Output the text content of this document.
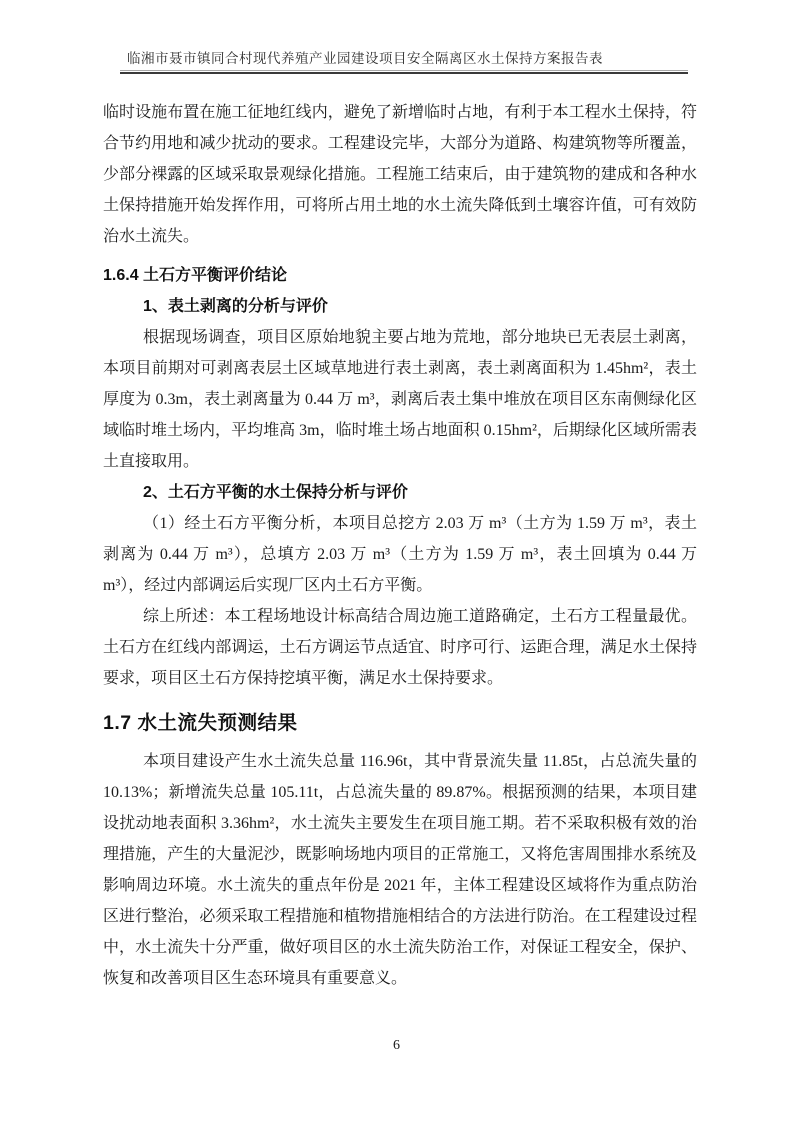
临湘市聂市镇同合村现代养殖产业园建设项目安全隔离区水土保持方案报告表

临时设施布置在施工征地红线内，避免了新增临时占地，有利于本工程水土保持，符合节约用地和减少扰动的要求。工程建设完毕，大部分为道路、构建筑物等所覆盖，少部分裸露的区域采取景观绿化措施。工程施工结束后，由于建筑物的建成和各种水土保持措施开始发挥作用，可将所占用土地的水土流失降低到土壤容许值，可有效防治水土流失。

1.6.4 土石方平衡评价结论
1、表土剥离的分析与评价

根据现场调查，项目区原始地貌主要占地为荒地，部分地块已无表层土剥离，本项目前期对可剥离表层土区域草地进行表土剥离，表土剥离面积为 1.45hm²，表土厚度为 0.3m，表土剥离量为 0.44 万 m³，剥离后表土集中堆放在项目区东南侧绿化区域临时堆土场内，平均堆高 3m，临时堆土场占地面积 0.15hm²，后期绿化区域所需表土直接取用。

2、土石方平衡的水土保持分析与评价

（1）经土石方平衡分析，本项目总挖方 2.03 万 m³（土方为 1.59 万 m³，表土剥离为 0.44 万 m³），总填方 2.03 万 m³（土方为 1.59 万 m³，表土回填为 0.44 万 m³），经过内部调运后实现厂区内土石方平衡。

综上所述：本工程场地设计标高结合周边施工道路确定，土石方工程量最优。土石方在红线内部调运，土石方调运节点适宜、时序可行、运距合理，满足水土保持要求，项目区土石方保持挖填平衡，满足水土保持要求。

1.7 水土流失预测结果

本项目建设产生水土流失总量 116.96t，其中背景流失量 11.85t，占总流失量的 10.13%；新增流失总量 105.11t，占总流失量的 89.87%。根据预测的结果，本项目建设扰动地表面积 3.36hm²，水土流失主要发生在项目施工期。若不采取积极有效的治理措施，产生的大量泥沙，既影响场地内项目的正常施工，又将危害周围排水系统及影响周边环境。水土流失的重点年份是 2021 年，主体工程建设区域将作为重点防治区进行整治，必须采取工程措施和植物措施相结合的方法进行防治。在工程建设过程中，水土流失十分严重，做好项目区的水土流失防治工作，对保证工程安全，保护、恢复和改善项目区生态环境具有重要意义。

6
